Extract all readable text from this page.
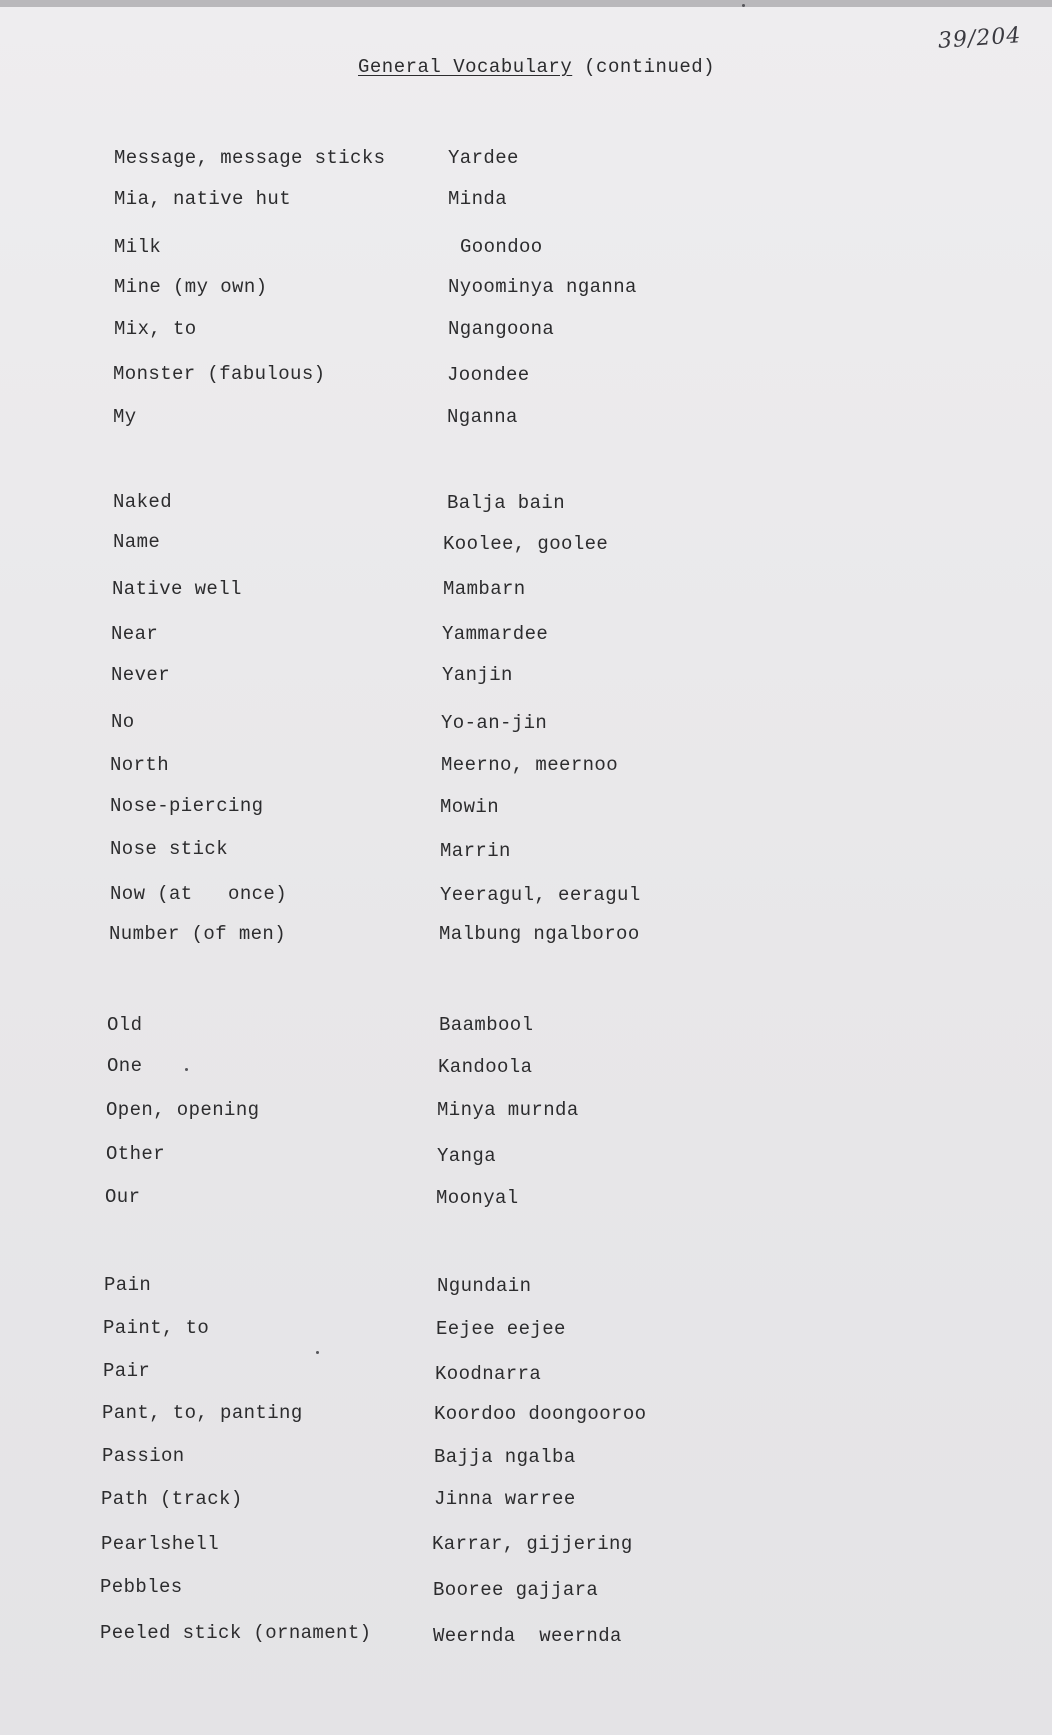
39/204
General Vocabulary (continued)
Message, message sticks	Yardee
Mia, native hut	Minda
Milk	Goondoo
Mine (my own)	Nyoominya nganna
Mix, to	Ngangoona
Monster (fabulous)	Joondee
My	Nganna
Naked	Balja bain
Name	Koolee, goolee
Native well	Mambarn
Near	Yammardee
Never	Yanjin
No	Yo-an-jin
North	Meerno, meernoo
Nose-piercing	Mowin
Nose stick	Marrin
Now (at   once)	Yeeragul, eeragul
Number (of men)	Malbung ngalboroo
Old	Baambool
One	Kandoola
Open, opening	Minya murnda
Other	Yanga
Our	Moonyal
Pain	Ngundain
Paint, to	Eejee eejee
Pair	Koodnarra
Pant, to, panting	Koordoo doongooroo
Passion	Bajja ngalba
Path (track)	Jinna warree
Pearlshell	Karrar, gijjering
Pebbles	Booree gajjara
Peeled stick (ornament)	Weernda  weernda
